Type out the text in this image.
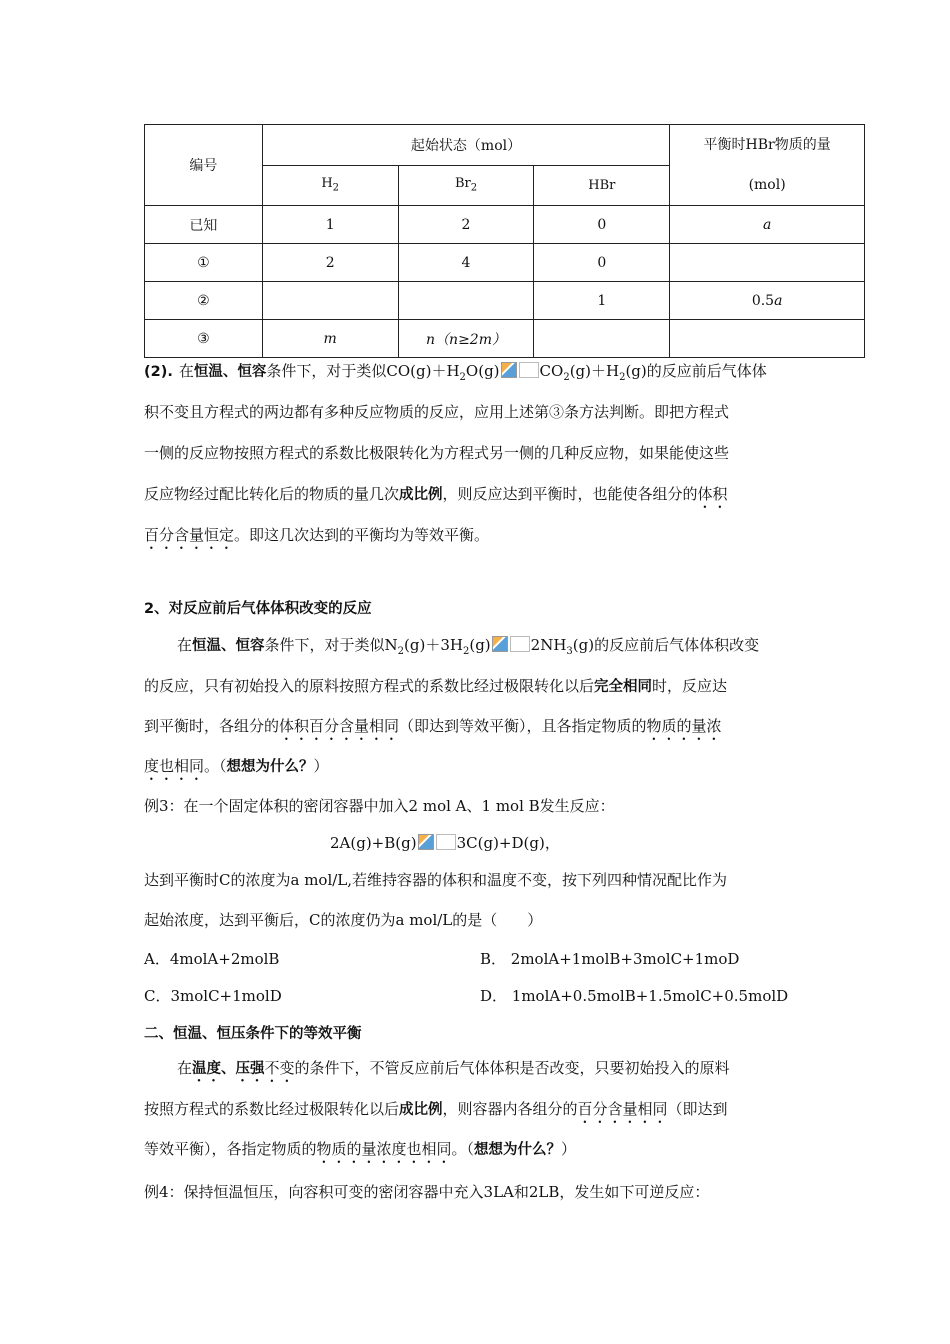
编号	起始状态（mol）			平衡时HBr物质的量
(mol)

	$H_2$	$Br_2$	HBr	
已知	1	2	0	a
①	2	4	0	
②			1	0.5a
③	m	n（n≥2m）		
(2). 在恒温、恒容条件下，对于类似$CO(g)+H_2O(g)$	$CO_2(g)+H_2(g)$的反应前后气体体
积不变且方程式的两边都有多种反应物质的反应，应用上述第③条方法判断。即把方程式
一侧的反应物按照方程式的系数比极限转化为方程式另一侧的几种反应物，如果能使这些
反应物经过配比转化后的物质的量几次成比例，则反应达到平衡时，也能使各组分的体积
百分含量恒定。即这几次达到的平衡均为等效平衡。
2、对反应前后气体体积改变的反应
在恒温、恒容条件下，对于类似$N_2(g)+3H_2(g)$	$2NH_3(g)$的反应前后气体体积改变
的反应，只有初始投入的原料按照方程式的系数比经过极限转化以后完全相同时，反应达
到平衡时，各组分的体积百分含量相同（即达到等效平衡），且各指定物质的物质的量浓
度也相同。（想想为什么？）
例3：在一个固定体积的密闭容器中加入2 mol A、1 mol B发生反应：
2A(g)+B(g)	3C(g)+D(g)，
达到平衡时C的浓度为a mol/L,若维持容器的体积和温度不变，按下列四种情况配比作为
起始浓度，达到平衡后，C的浓度仍为a mol/L的是（　　）
A．4molA+2molB	B． 2molA+1molB+3molC+1moD
C．3molC+1molD	D． 1molA+0.5molB+1.5molC+0.5molD
二、恒温、恒压条件下的等效平衡
在温度、压强不变的条件下，不管反应前后气体体积是否改变，只要初始投入的原料
按照方程式的系数比经过极限转化以后成比例，则容器内各组分的百分含量相同（即达到
等效平衡），各指定物质的物质的量浓度也相同。（想想为什么？）
例4：保持恒温恒压，向容积可变的密闭容器中充入3LA和2LB，发生如下可逆反应：
